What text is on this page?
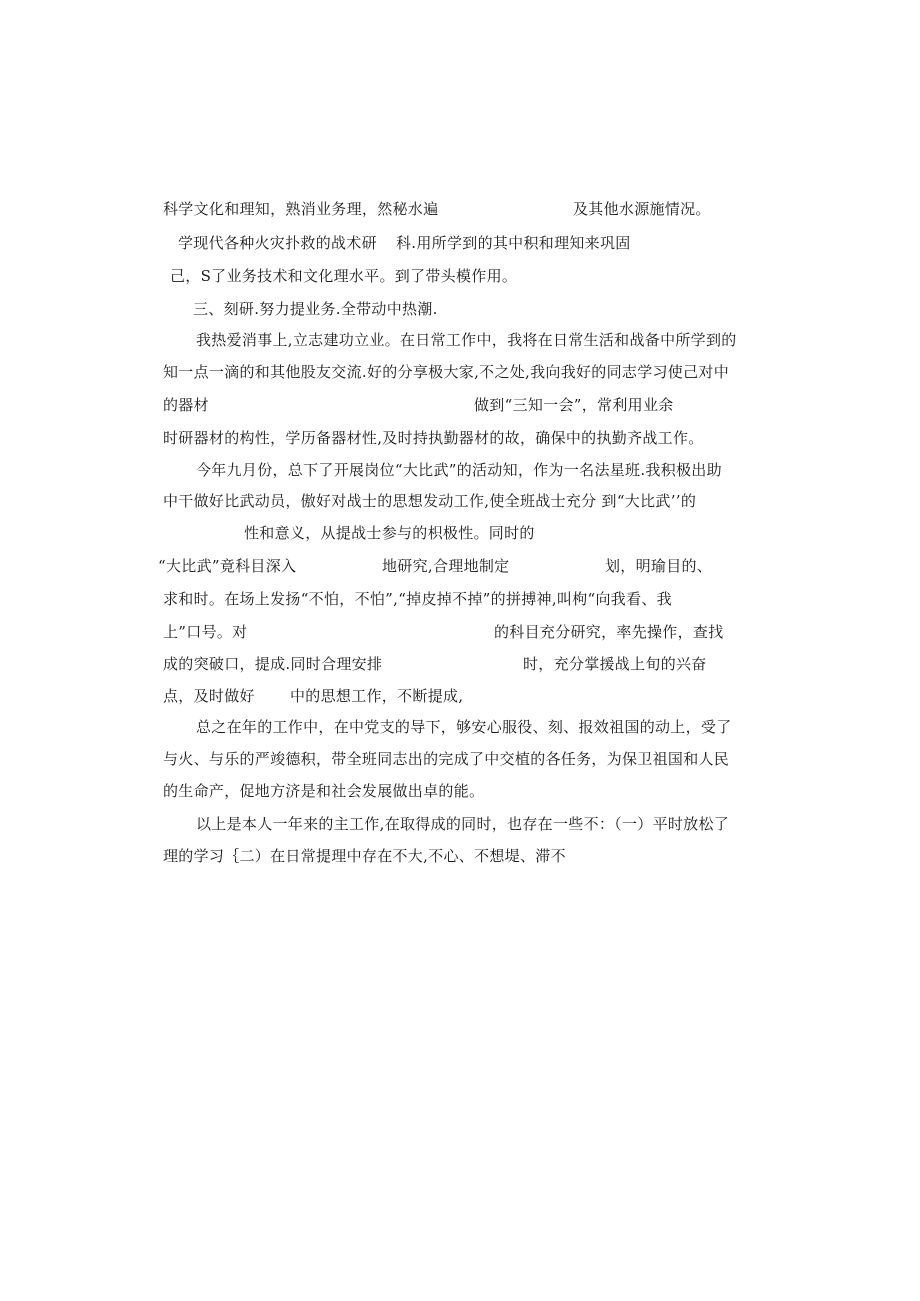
科学文化和理知，熟消业务理，然秘水遍	及其他水源施情况。
学现代各种火灾扑救的战术研 科.用所学到的其中积和理知来巩固
己，S了业务技术和文化理水平。到了带头模作用。
三、刻研.努力提业务.全带动中热潮.
我热爱消事上,立志建功立业。在日常工作中，我将在日常生活和战备中所学到的
知一点一滴的和其他股友交流.好的分享极大家,不之处,我向我好的同志学习使己对中
的器材	做到“三知一会”，常利用业余
时研器材的构性，学历备器材性,及时持执勤器材的故，确保中的执勤齐战工作。
今年九月份，总下了开展岗位“大比武”的活动知，作为一名法星班.我积极出助
中干做好比武动员，傲好对战士的思想发动工作,使全班战士充分 到“大比武’’的
性和意义，从提战士参与的枳极性。同时的
“大比武”竟科目深入	地研究,合理地制定	划，明瑜目的、
求和时。在场上发扬“不怕，不怕”,“掉皮掉不掉”的拼搏神,叫枸“向我看、我
上”口号。对	的科目充分研究，率先操作，查找
成的突破口，提成.同时合理安排	时，充分掌援战上旬的兴奋
点，及时做好 中的思想工作，不断提成,
总之在年的工作中，在中党支的导下，够安心服役、刻、报效祖国的动上，受了
与火、与乐的严竣德积，带全班同志出的完成了中交植的各任务，为保卫祖国和人民
的生命产，促地方济是和社会发展做出卓的能。
以上是本人一年来的主工作,在取得成的同时，也存在一些不：（一）平时放松了
理的学习｛二）在日常提理中存在不大,不心、不想堤、滞不
